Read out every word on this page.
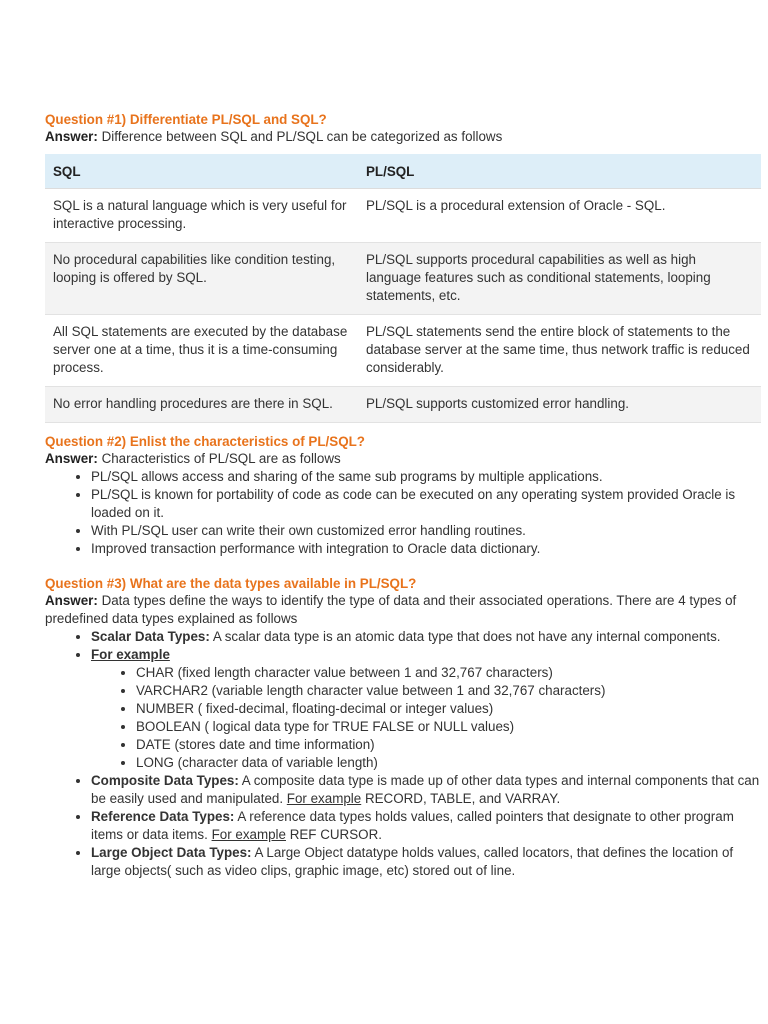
Question #1) Differentiate PL/SQL and SQL?
Answer: Difference between SQL and PL/SQL can be categorized as follows
SQL	PL/SQL
SQL is a natural language which is very useful for interactive processing.	PL/SQL is a procedural extension of Oracle - SQL.
No procedural capabilities like condition testing, looping is offered by SQL.	PL/SQL supports procedural capabilities as well as high language features such as conditional statements, looping statements, etc.
All SQL statements are executed by the database server one at a time, thus it is a time-consuming process.	PL/SQL statements send the entire block of statements to the database server at the same time, thus network traffic is reduced considerably.
No error handling procedures are there in SQL.	PL/SQL supports customized error handling.
Question #2) Enlist the characteristics of PL/SQL?
Answer: Characteristics of PL/SQL are as follows
• PL/SQL allows access and sharing of the same sub programs by multiple applications.
• PL/SQL is known for portability of code as code can be executed on any operating system provided Oracle is loaded on it.
• With PL/SQL user can write their own customized error handling routines.
• Improved transaction performance with integration to Oracle data dictionary.
Question #3) What are the data types available in PL/SQL?
Answer: Data types define the ways to identify the type of data and their associated operations. There are 4 types of predefined data types explained as follows
• Scalar Data Types: A scalar data type is an atomic data type that does not have any internal components.
• For example
• CHAR (fixed length character value between 1 and 32,767 characters)
• VARCHAR2 (variable length character value between 1 and 32,767 characters)
• NUMBER ( fixed-decimal, floating-decimal or integer values)
• BOOLEAN ( logical data type for TRUE FALSE or NULL values)
• DATE (stores date and time information)
• LONG (character data of variable length)
• Composite Data Types: A composite data type is made up of other data types and internal components that can be easily used and manipulated. For example RECORD, TABLE, and VARRAY.
• Reference Data Types: A reference data types holds values, called pointers that designate to other program items or data items. For example REF CURSOR.
• Large Object Data Types: A Large Object datatype holds values, called locators, that defines the location of large objects( such as video clips, graphic image, etc) stored out of line.
